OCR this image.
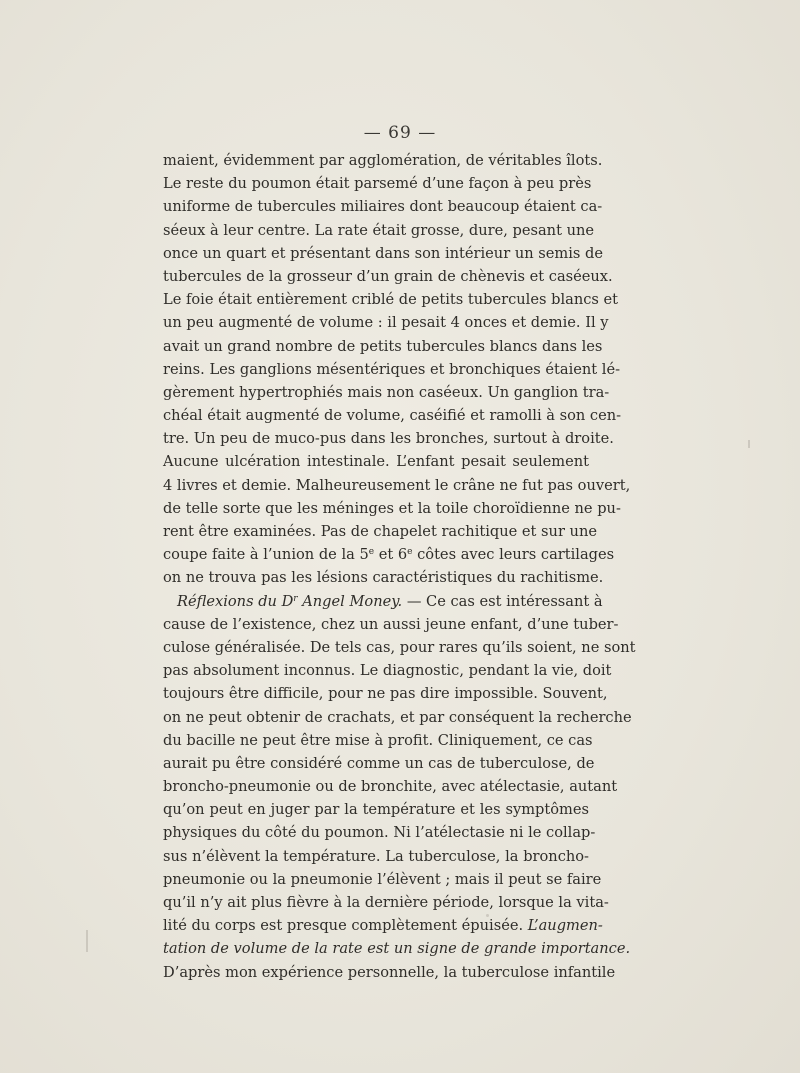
— 69 —
maient, évidemment par agglomération, de véritables îlots.
Le reste du poumon était parsemé d’une façon à peu près
uniforme de tubercules miliaires dont beaucoup étaient ca-
séeux à leur centre. La rate était grosse, dure, pesant une
once un quart et présentant dans son intérieur un semis de
tubercules de la grosseur d’un grain de chènevis et caséeux.
Le foie était entièrement criblé de petits tubercules blancs et
un peu augmenté de volume : il pesait 4 onces et demie. Il y
avait un grand nombre de petits tubercules blancs dans les
reins. Les ganglions mésentériques et bronchiques étaient lé-
gèrement hypertrophiés mais non caséeux. Un ganglion tra-
chéal était augmenté de volume, caséifié et ramolli à son cen-
tre. Un peu de muco-pus dans les bronches, surtout à droite.
Aucune ulcération intestinale. L’enfant pesait seulement
4 livres et demie. Malheureusement le crâne ne fut pas ouvert,
de telle sorte que les méninges et la toile choroïdienne ne pu-
rent être examinées. Pas de chapelet rachitique et sur une
coupe faite à l’union de la 5e et 6e côtes avec leurs cartilages
on ne trouva pas les lésions caractéristiques du rachitisme.
Réflexions du $D^r$ Angel Money. — Ce cas est intéressant à
cause de l’existence, chez un aussi jeune enfant, d’une tuber-
culose généralisée. De tels cas, pour rares qu’ils soient, ne sont
pas absolument inconnus. Le diagnostic, pendant la vie, doit
toujours être difficile, pour ne pas dire impossible. Souvent,
on ne peut obtenir de crachats, et par conséquent la recherche
du bacille ne peut être mise à profit. Cliniquement, ce cas
aurait pu être considéré comme un cas de tuberculose, de
broncho-pneumonie ou de bronchite, avec atélectasie, autant
qu’on peut en juger par la température et les symptômes
physiques du côté du poumon. Ni l’atélectasie ni le collap-
sus n’élèvent la température. La tuberculose, la broncho-
pneumonie ou la pneumonie l’élèvent ; mais il peut se faire
qu’il n’y ait plus fièvre à la dernière période, lorsque la vita-
lité du corps est presque complètement épuisée. L’augmen-
tation de volume de la rate est un signe de grande importance.
D’après mon expérience personnelle, la tuberculose infantile
